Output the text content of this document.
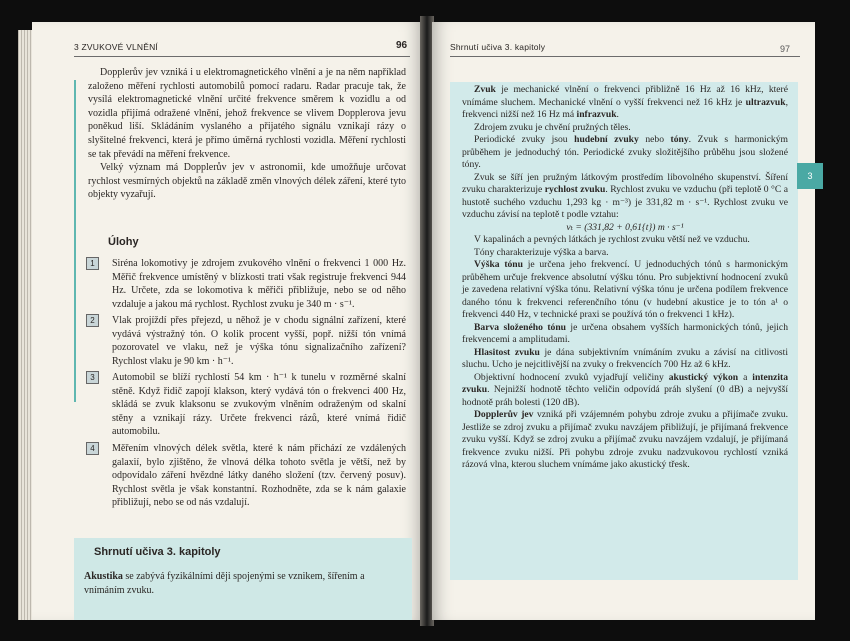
3 ZVUKOVÉ VLNĚNÍ	96

Dopplerův jev vzniká i u elektromagnetického vlnění a je na něm například založeno měření rychlosti automobilů pomocí radaru. Radar pracuje tak, že vysílá elektromagnetické vlnění určité frekvence směrem k vozidlu a od vozidla přijímá odražené vlnění, jehož frekvence se vlivem Dopplerova jevu poněkud liší. Skládáním vyslaného a přijatého signálu vznikají rázy o slyšitelné frekvenci, která je přímo úměrná rychlosti vozidla. Měření rychlosti se tak převádí na měření frekvence.

Velký význam má Dopplerův jev v astronomii, kde umožňuje určovat rychlost vesmírných objektů na základě změn vlnových délek záření, které tyto objekty vyzařují.

Úlohy
1	Siréna lokomotivy je zdrojem zvukového vlnění o frekvenci 1 000 Hz. Měřič frekvence umístěný v blízkosti trati však registruje frekvenci 944 Hz. Určete, zda se lokomotiva k měřiči přibližuje, nebo se od něho vzdaluje a jakou má rychlost. Rychlost zvuku je 340 m · s⁻¹.
2	Vlak projíždí přes přejezd, u něhož je v chodu signální zařízení, které vydává výstražný tón. O kolik procent vyšší, popř. nižší tón vnímá pozorovatel ve vlaku, než je výška tónu signalizačního zařízení? Rychlost vlaku je 90 km · h⁻¹.
3	Automobil se blíží rychlostí 54 km · h⁻¹ k tunelu v rozměrné skalní stěně. Když řidič zapojí klakson, který vydává tón o frekvenci 400 Hz, skládá se zvuk klaksonu se zvukovým vlněním odraženým od skalní stěny a vznikají rázy. Určete frekvenci rázů, které vnímá řidič automobilu.
4	Měřením vlnových délek světla, které k nám přichází ze vzdálených galaxií, bylo zjištěno, že vlnová délka tohoto světla je větší, než by odpovídalo záření hvězdné látky daného složení (tzv. červený posuv). Rychlost světla je však konstantní. Rozhodněte, zda se k nám galaxie přibližují, nebo se od nás vzdalují.
Shrnutí učiva 3. kapitoly
Akustika se zabývá fyzikálními ději spojenými se vznikem, šířením a vnímáním zvuku.
Shrnutí učiva 3. kapitoly	97

Zvuk je mechanické vlnění o frekvenci přibližně 16 Hz až 16 kHz, které vnímáme sluchem. Mechanické vlnění o vyšší frekvenci než 16 kHz je ultrazvuk, frekvenci nižší než 16 Hz má infrazvuk.

Zdrojem zvuku je chvění pružných těles.

Periodické zvuky jsou hudební zvuky nebo tóny. Zvuk s harmonickým průběhem je jednoduchý tón. Periodické zvuky složitějšího průběhu jsou složené tóny.

Zvuk se šíří jen pružným látkovým prostředím libovolného skupenství. Šíření zvuku charakterizuje rychlost zvuku. Rychlost zvuku ve vzduchu (při teplotě 0 °C a hustotě suchého vzduchu 1,293 kg · m⁻³) je 331,82 m · s⁻¹. Rychlost zvuku ve vzduchu závisí na teplotě t podle vztahu:

vₜ = (331,82 + 0,61{t}) m · s⁻¹

V kapalinách a pevných látkách je rychlost zvuku větší než ve vzduchu.

Tóny charakterizuje výška a barva.

Výška tónu je určena jeho frekvencí. U jednoduchých tónů s harmonickým průběhem určuje frekvence absolutní výšku tónu. Pro subjektivní hodnocení zvuků je zavedena relativní výška tónu. Relativní výška tónu je určena podílem frekvence daného tónu k frekvenci referenčního tónu (v hudební akustice je to tón a¹ o frekvenci 440 Hz, v technické praxi se používá tón o frekvenci 1 kHz).

Barva složeného tónu je určena obsahem vyšších harmonických tónů, jejich frekvencemi a amplitudami.

Hlasitost zvuku je dána subjektivním vnímáním zvuku a závisí na citlivosti sluchu. Ucho je nejcitlivější na zvuky o frekvencích 700 Hz až 6 kHz.

Objektivní hodnocení zvuků vyjadřují veličiny akustický výkon a intenzita zvuku. Nejnižší hodnotě těchto veličin odpovídá práh slyšení (0 dB) a nejvyšší hodnotě práh bolesti (120 dB).

Dopplerův jev vzniká při vzájemném pohybu zdroje zvuku a přijímače zvuku. Jestliže se zdroj zvuku a přijímač zvuku navzájem přibližují, je přijímaná frekvence zvuku vyšší. Když se zdroj zvuku a přijímač zvuku navzájem vzdalují, je přijímaná frekvence zvuku nižší. Při pohybu zdroje zvuku nadzvukovou rychlostí vzniká rázová vlna, kterou sluchem vnímáme jako akustický třesk.

3
